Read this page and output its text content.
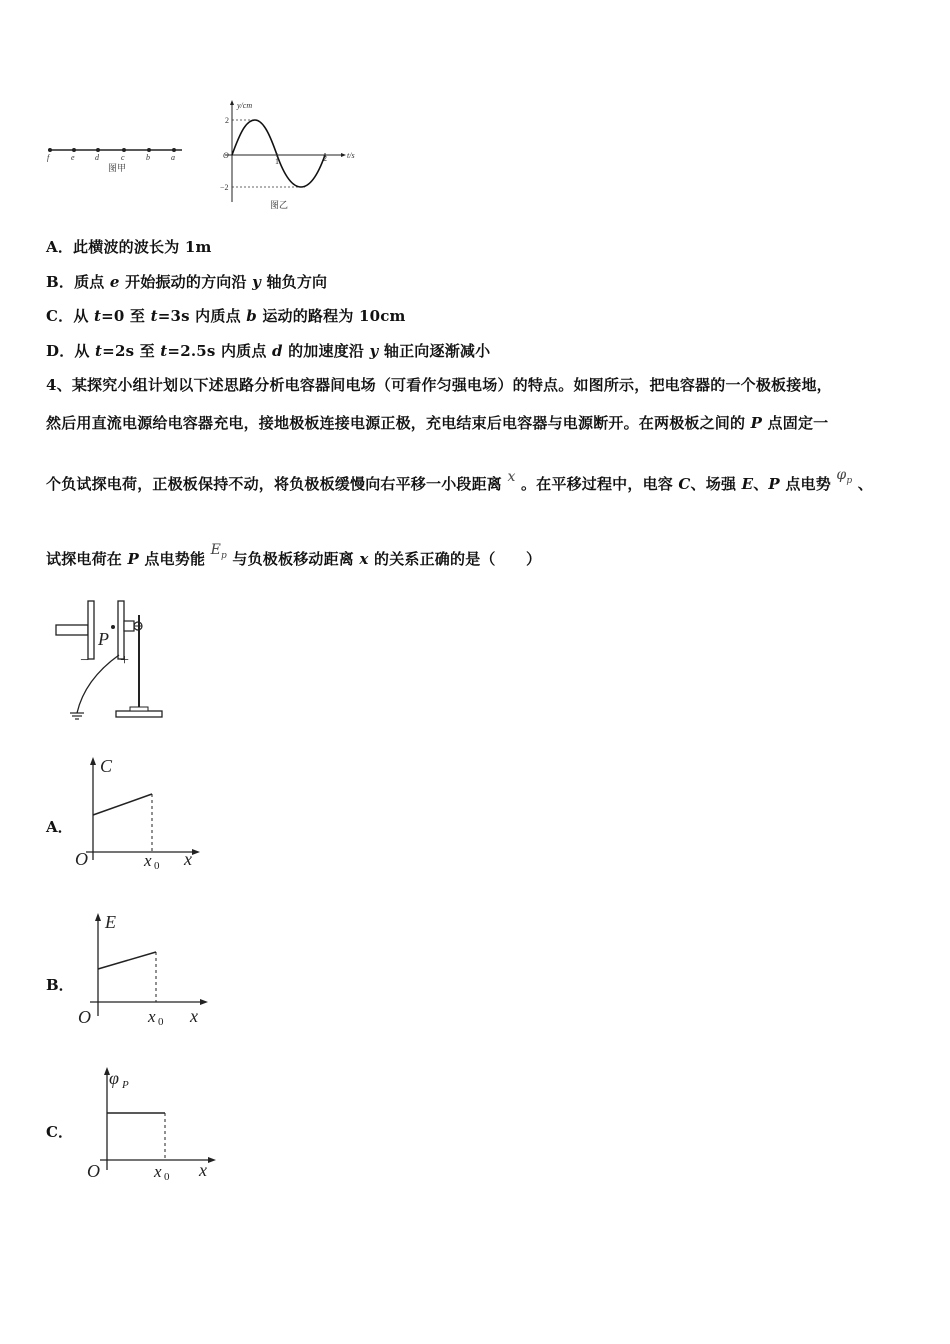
f	e	d	c	b	a
图甲
y/cm
t/s
O
2
−2
1	2
图乙
A．此横波的波长为 1m
B．质点 e 开始振动的方向沿 y 轴负方向
C．从 t=0 至 t=3s 内质点 b 运动的路程为 10cm
D．从 t=2s 至 t=2.5s 内质点 d 的加速度沿 y 轴正向逐渐减小
4、某探究小组计划以下述思路分析电容器间电场（可看作匀强电场）的特点。如图所示，把电容器的一个极板接地，
然后用直流电源给电容器充电，接地极板连接电源正极，充电结束后电容器与电源断开。在两极板之间的 P 点固定一
个负试探电荷，正极板保持不动，将负极板缓慢向右平移一小段距离 x 。在平移过程中，电容 C、场强 E、P 点电势 $\varphi_p$ 、
试探电荷在 P 点电势能 $E_p$ 与负极板移动距离 x 的关系正确的是（　　）
P
− +
A．
C
O	x 0 x
B．
E
O	x 0 x
C．
φ P
O	x 0 x
